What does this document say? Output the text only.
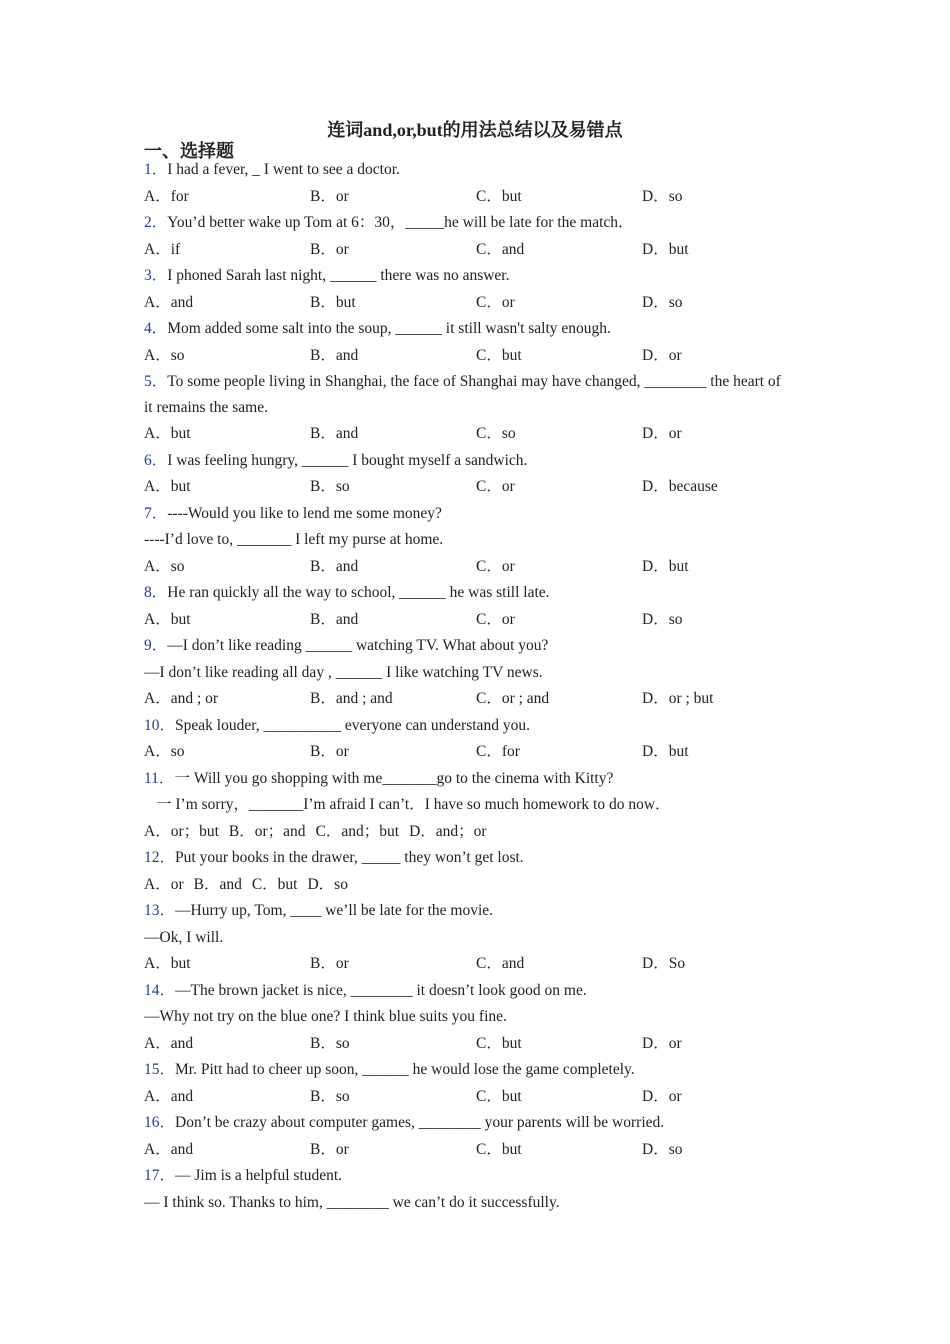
连词and,or,but的用法总结以及易错点
一、选择题
1．I had a fever, _ I went to see a doctor.
A．for	B．or	C．but	D．so
2．You’d better wake up Tom at 6：30，_____he will be late for the match．
A．if	B．or	C．and	D．but
3．I phoned Sarah last night, ______ there was no answer.
A．and	B．but	C．or	D．so
4．Mom added some salt into the soup, ______ it still wasn't salty enough.
A．so	B．and	C．but	D．or
5．To some people living in Shanghai, the face of Shanghai may have changed, ________ the heart of it remains the same.
A．but	B．and	C．so	D．or
6．I was feeling hungry, ______ I bought myself a sandwich.
A．but	B．so	C．or	D．because
7．----Would you like to lend me some money?
----I’d love to, _______ I left my purse at home.
A．so	B．and	C．or	D．but
8．He ran quickly all the way to school, ______ he was still late.
A．but	B．and	C．or	D．so
9．—I don’t like reading ______ watching TV. What about you?
—I don’t like reading all day , ______ I like watching TV news.
A．and ; or	B．and ; and	C．or ; and	D．or ; but
10．Speak louder, __________ everyone can understand you.
A．so	B．or	C．for	D．but
11．一 Will you go shopping with me_______go to the cinema with Kitty?
一 I’m sorry，_______I’m afraid I can’t．I have so much homework to do now．
A．or；but B．or；and C．and；but D．and；or
12．Put your books in the drawer, _____ they won’t get lost.
A．or B．and C．but D．so
13．—Hurry up, Tom, ____ we’ll be late for the movie.
—Ok, I will.
A．but	B．or	C．and	D．So
14．—The brown jacket is nice, ________ it doesn’t look good on me.
—Why not try on the blue one? I think blue suits you fine.
A．and	B．so	C．but	D．or
15．Mr. Pitt had to cheer up soon, ______ he would lose the game completely.
A．and	B．so	C．but	D．or
16．Don’t be crazy about computer games, ________ your parents will be worried.
A．and	B．or	C．but	D．so
17．— Jim is a helpful student.
— I think so. Thanks to him, ________ we can’t do it successfully.
